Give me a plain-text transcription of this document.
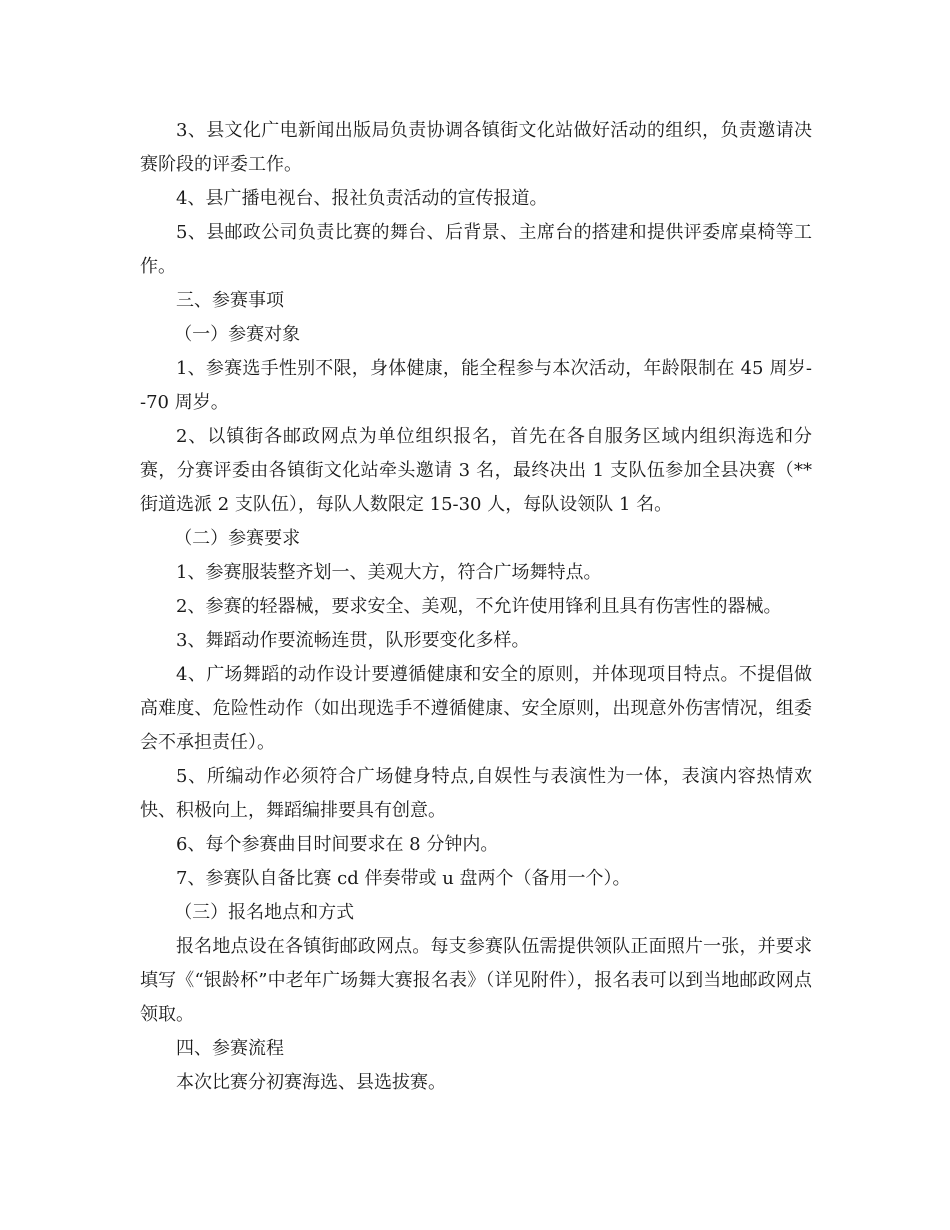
3、县文化广电新闻出版局负责协调各镇街文化站做好活动的组织，负责邀请决赛阶段的评委工作。

4、县广播电视台、报社负责活动的宣传报道。

5、县邮政公司负责比赛的舞台、后背景、主席台的搭建和提供评委席桌椅等工作。

三、参赛事项

（一）参赛对象

1、参赛选手性别不限，身体健康，能全程参与本次活动，年龄限制在 45 周岁--70 周岁。

2、以镇街各邮政网点为单位组织报名，首先在各自服务区域内组织海选和分赛，分赛评委由各镇街文化站牵头邀请 3 名，最终决出 1 支队伍参加全县决赛（**街道选派 2 支队伍），每队人数限定 15-30 人，每队设领队 1 名。

（二）参赛要求

1、参赛服装整齐划一、美观大方，符合广场舞特点。

2、参赛的轻器械，要求安全、美观，不允许使用锋利且具有伤害性的器械。

3、舞蹈动作要流畅连贯，队形要变化多样。

4、广场舞蹈的动作设计要遵循健康和安全的原则，并体现项目特点。不提倡做高难度、危险性动作（如出现选手不遵循健康、安全原则，出现意外伤害情况，组委会不承担责任）。

5、所编动作必须符合广场健身特点,自娱性与表演性为一体，表演内容热情欢快、积极向上，舞蹈编排要具有创意。

6、每个参赛曲目时间要求在 8 分钟内。

7、参赛队自备比赛 cd 伴奏带或 u 盘两个（备用一个）。

（三）报名地点和方式

报名地点设在各镇街邮政网点。每支参赛队伍需提供领队正面照片一张，并要求填写《“银龄杯”中老年广场舞大赛报名表》（详见附件），报名表可以到当地邮政网点领取。

四、参赛流程

本次比赛分初赛海选、县选拔赛。
